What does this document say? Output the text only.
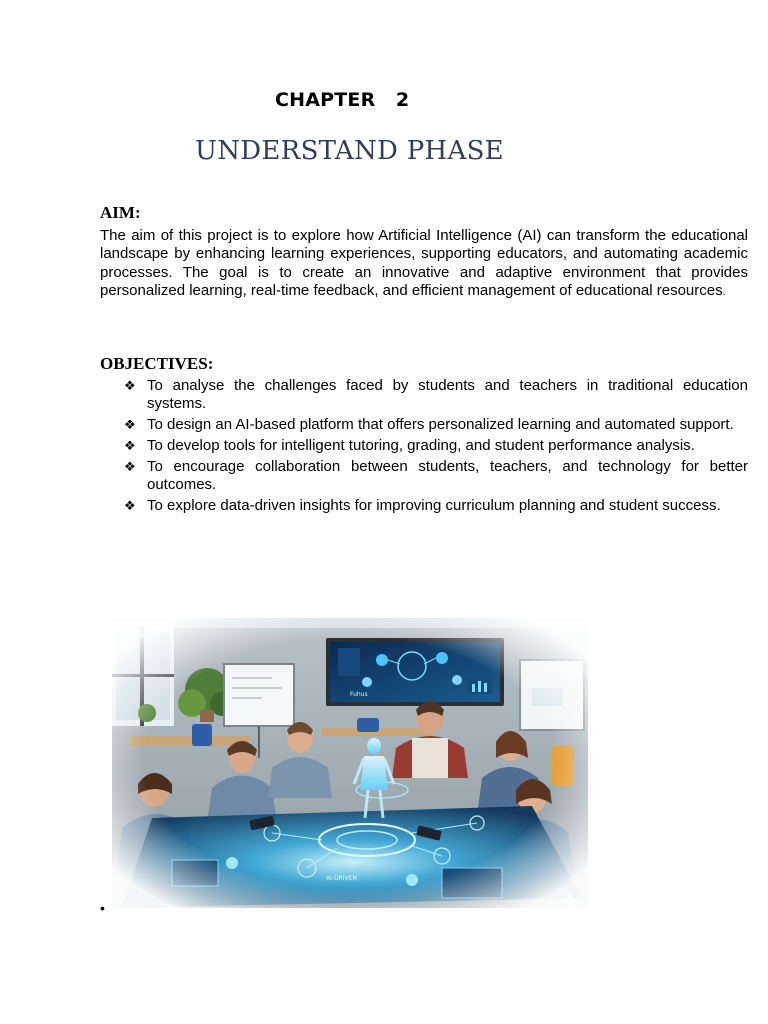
CHAPTER   2
UNDERSTAND PHASE
AIM:
The aim of this project is to explore how Artificial Intelligence (AI) can transform the educational landscape by enhancing learning experiences, supporting educators, and automating academic processes. The goal is to create an innovative and adaptive environment that provides personalized learning, real-time feedback, and efficient management of educational resources.
OBJECTIVES:
❖ To analyse the challenges faced by students and teachers in traditional education systems.
❖ To design an AI-based platform that offers personalized learning and automated support.
❖ To develop tools for intelligent tutoring, grading, and student performance analysis.
❖ To encourage collaboration between students, teachers, and technology for better outcomes.
❖ To explore data-driven insights for improving curriculum planning and student success.
•
